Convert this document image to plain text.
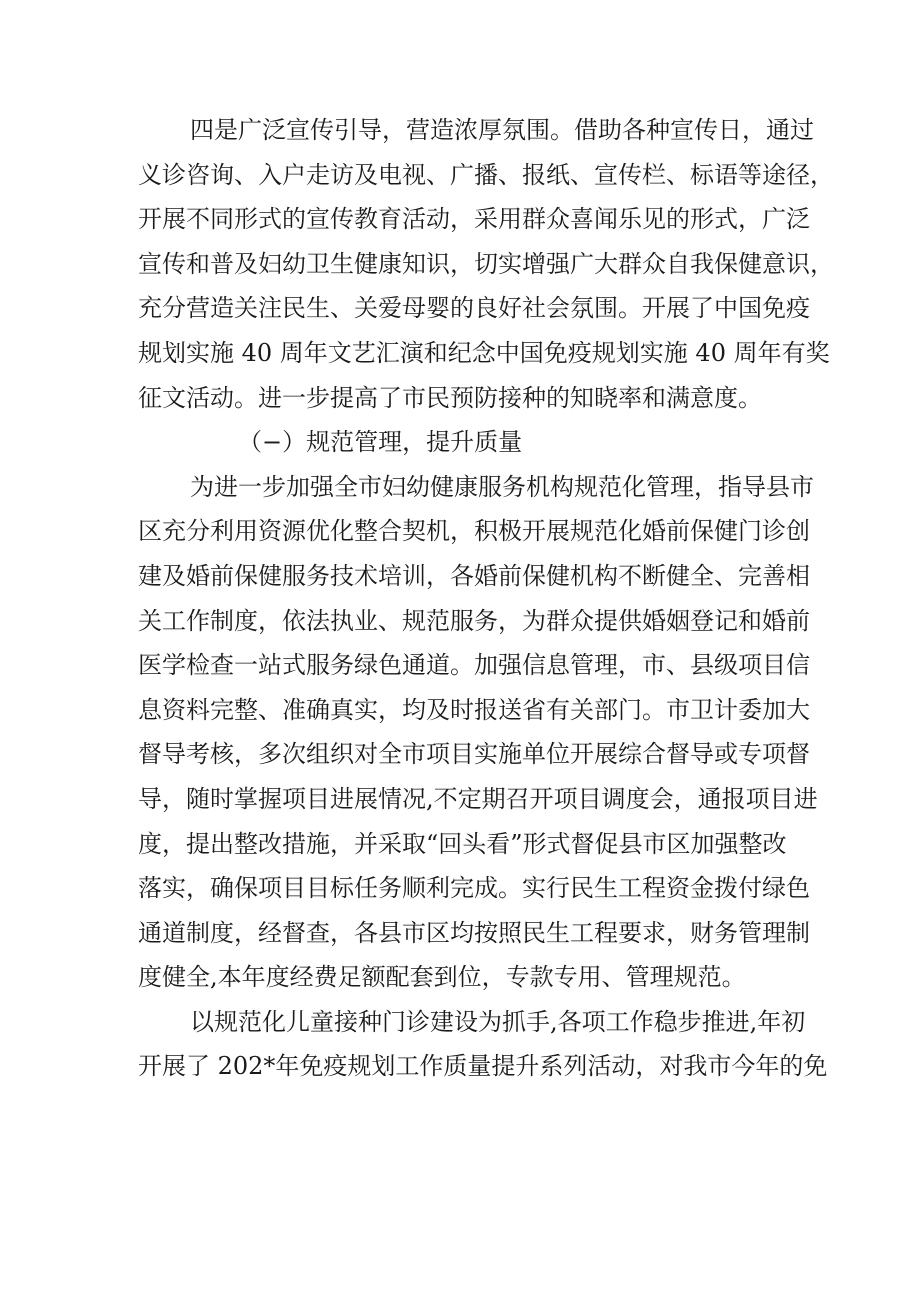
四是广泛宣传引导，营造浓厚氛围。借助各种宣传日，通过
义诊咨询、入户走访及电视、广播、报纸、宣传栏、标语等途径，
开展不同形式的宣传教育活动，采用群众喜闻乐见的形式，广泛
宣传和普及妇幼卫生健康知识，切实增强广大群众自我保健意识，
充分营造关注民生、关爱母婴的良好社会氛围。开展了中国免疫
规划实施 40 周年文艺汇演和纪念中国免疫规划实施 40 周年有奖
征文活动。进一步提高了市民预防接种的知晓率和满意度。
（−）规范管理，提升质量
为进一步加强全市妇幼健康服务机构规范化管理，指导县市
区充分利用资源优化整合契机，积极开展规范化婚前保健门诊创
建及婚前保健服务技术培训，各婚前保健机构不断健全、完善相
关工作制度，依法执业、规范服务，为群众提供婚姻登记和婚前
医学检查一站式服务绿色通道。加强信息管理，市、县级项目信
息资料完整、准确真实，均及时报送省有关部门。市卫计委加大
督导考核，多次组织对全市项目实施单位开展综合督导或专项督
导，随时掌握项目进展情况,不定期召开项目调度会，通报项目进
度，提出整改措施，并采取“回头看”形式督促县市区加强整改
落实，确保项目目标任务顺利完成。实行民生工程资金拨付绿色
通道制度，经督查，各县市区均按照民生工程要求，财务管理制
度健全,本年度经费足额配套到位，专款专用、管理规范。
以规范化儿童接种门诊建设为抓手,各项工作稳步推进,年初
开展了 202*年免疫规划工作质量提升系列活动，对我市今年的免
